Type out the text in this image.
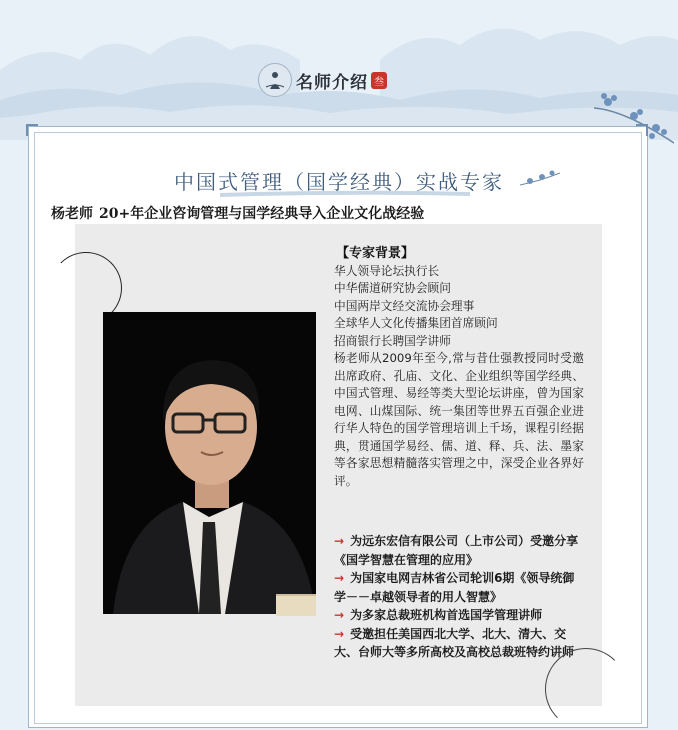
名师介绍 叁
中国式管理（国学经典）实战专家
杨老师 20+年企业咨询管理与国学经典导入企业文化战经验

【专家背景】

华人领导论坛执行长

中华儒道研究协会顾问

中国两岸文经交流协会理事

全球华人文化传播集团首席顾问

招商银行长聘国学讲师

杨老师从2009年至今,常与昔仕强教授同时受邀出席政府、孔庙、文化、企业组织等国学经典、中国式管理、易经等类大型论坛讲座，曾为国家电网、山煤国际、统一集团等世界五百强企业进行华人特色的国学管理培训上千场，课程引经据典，贯通国学易经、儒、道、释、兵、法、墨家等各家思想精髓落实管理之中，深受企业各界好评。

→ 为远东宏信有限公司（上市公司）受邀分享《国学智慧在管理的应用》

→ 为国家电网吉林省公司轮训6期《领导统御学－－卓越领导者的用人智慧》

→ 为多家总裁班机构首选国学管理讲师

→ 受邀担任美国西北大学、北大、清大、交大、台师大等多所高校及高校总裁班特约讲师
